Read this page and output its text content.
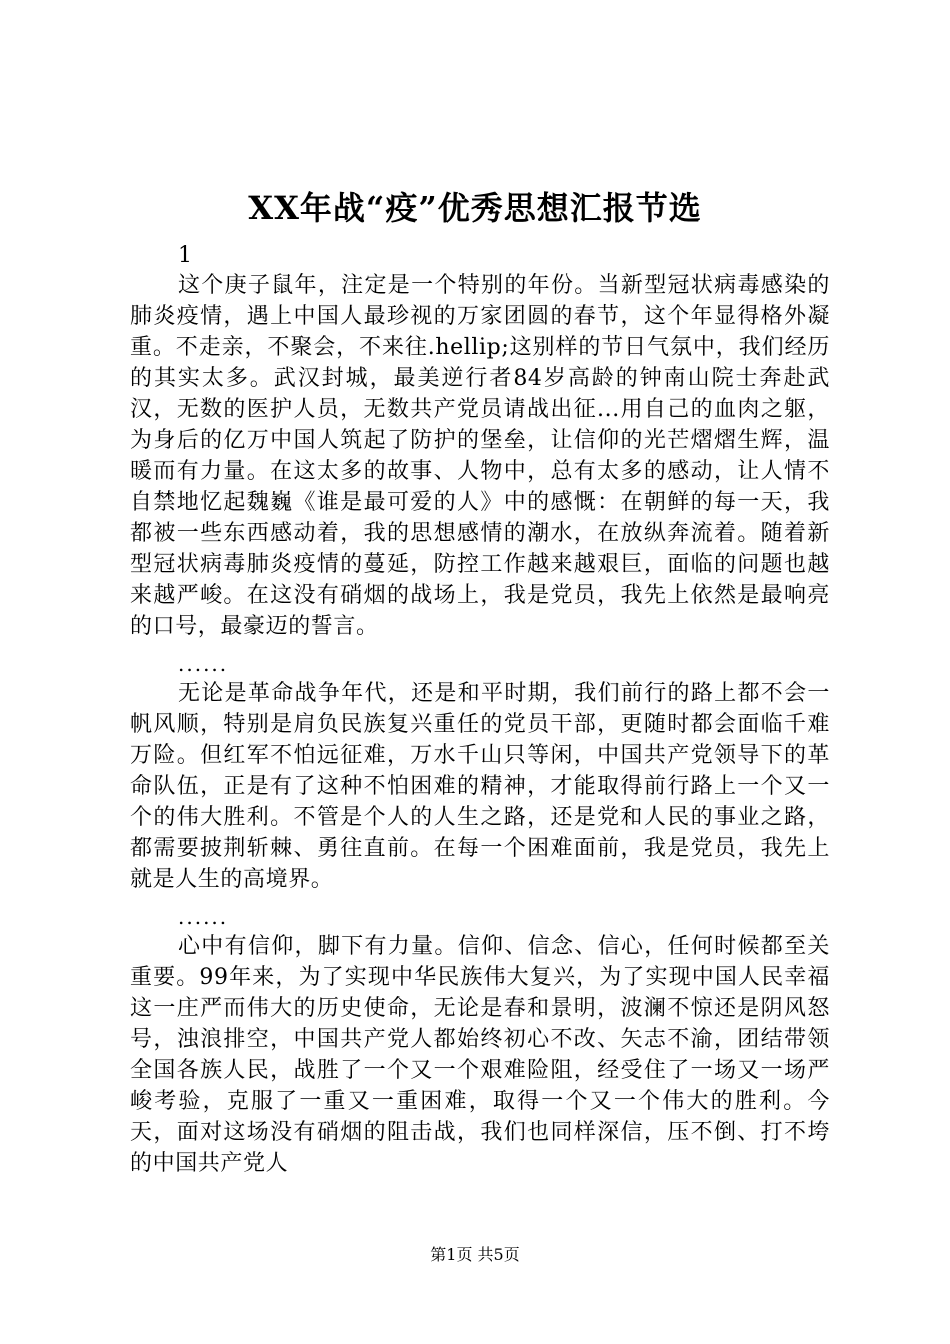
XX年战“疫”优秀思想汇报节选
1

这个庚子鼠年，注定是一个特别的年份。当新型冠状病毒感染的肺炎疫情，遇上中国人最珍视的万家团圆的春节，这个年显得格外凝重。不走亲，不聚会，不来往.hellip;这别样的节日气氛中，我们经历的其实太多。武汉封城，最美逆行者84岁高龄的钟南山院士奔赴武汉，无数的医护人员，无数共产党员请战出征...用自己的血肉之躯，为身后的亿万中国人筑起了防护的堡垒，让信仰的光芒熠熠生辉，温暖而有力量。在这太多的故事、人物中，总有太多的感动，让人情不自禁地忆起魏巍《谁是最可爱的人》中的感慨：在朝鲜的每一天，我都被一些东西感动着，我的思想感情的潮水，在放纵奔流着。随着新型冠状病毒肺炎疫情的蔓延，防控工作越来越艰巨，面临的问题也越来越严峻。在这没有硝烟的战场上，我是党员，我先上依然是最响亮的口号，最豪迈的誓言。

......

无论是革命战争年代，还是和平时期，我们前行的路上都不会一帆风顺，特别是肩负民族复兴重任的党员干部，更随时都会面临千难万险。但红军不怕远征难，万水千山只等闲，中国共产党领导下的革命队伍，正是有了这种不怕困难的精神，才能取得前行路上一个又一个的伟大胜利。不管是个人的人生之路，还是党和人民的事业之路，都需要披荆斩棘、勇往直前。在每一个困难面前，我是党员，我先上就是人生的高境界。

......

心中有信仰，脚下有力量。信仰、信念、信心，任何时候都至关重要。99年来，为了实现中华民族伟大复兴，为了实现中国人民幸福这一庄严而伟大的历史使命，无论是春和景明，波澜不惊还是阴风怒号，浊浪排空，中国共产党人都始终初心不改、矢志不渝，团结带领全国各族人民，战胜了一个又一个艰难险阻，经受住了一场又一场严峻考验，克服了一重又一重困难，取得一个又一个伟大的胜利。今天，面对这场没有硝烟的阻击战，我们也同样深信，压不倒、打不垮的中国共产党人

第1页 共5页
